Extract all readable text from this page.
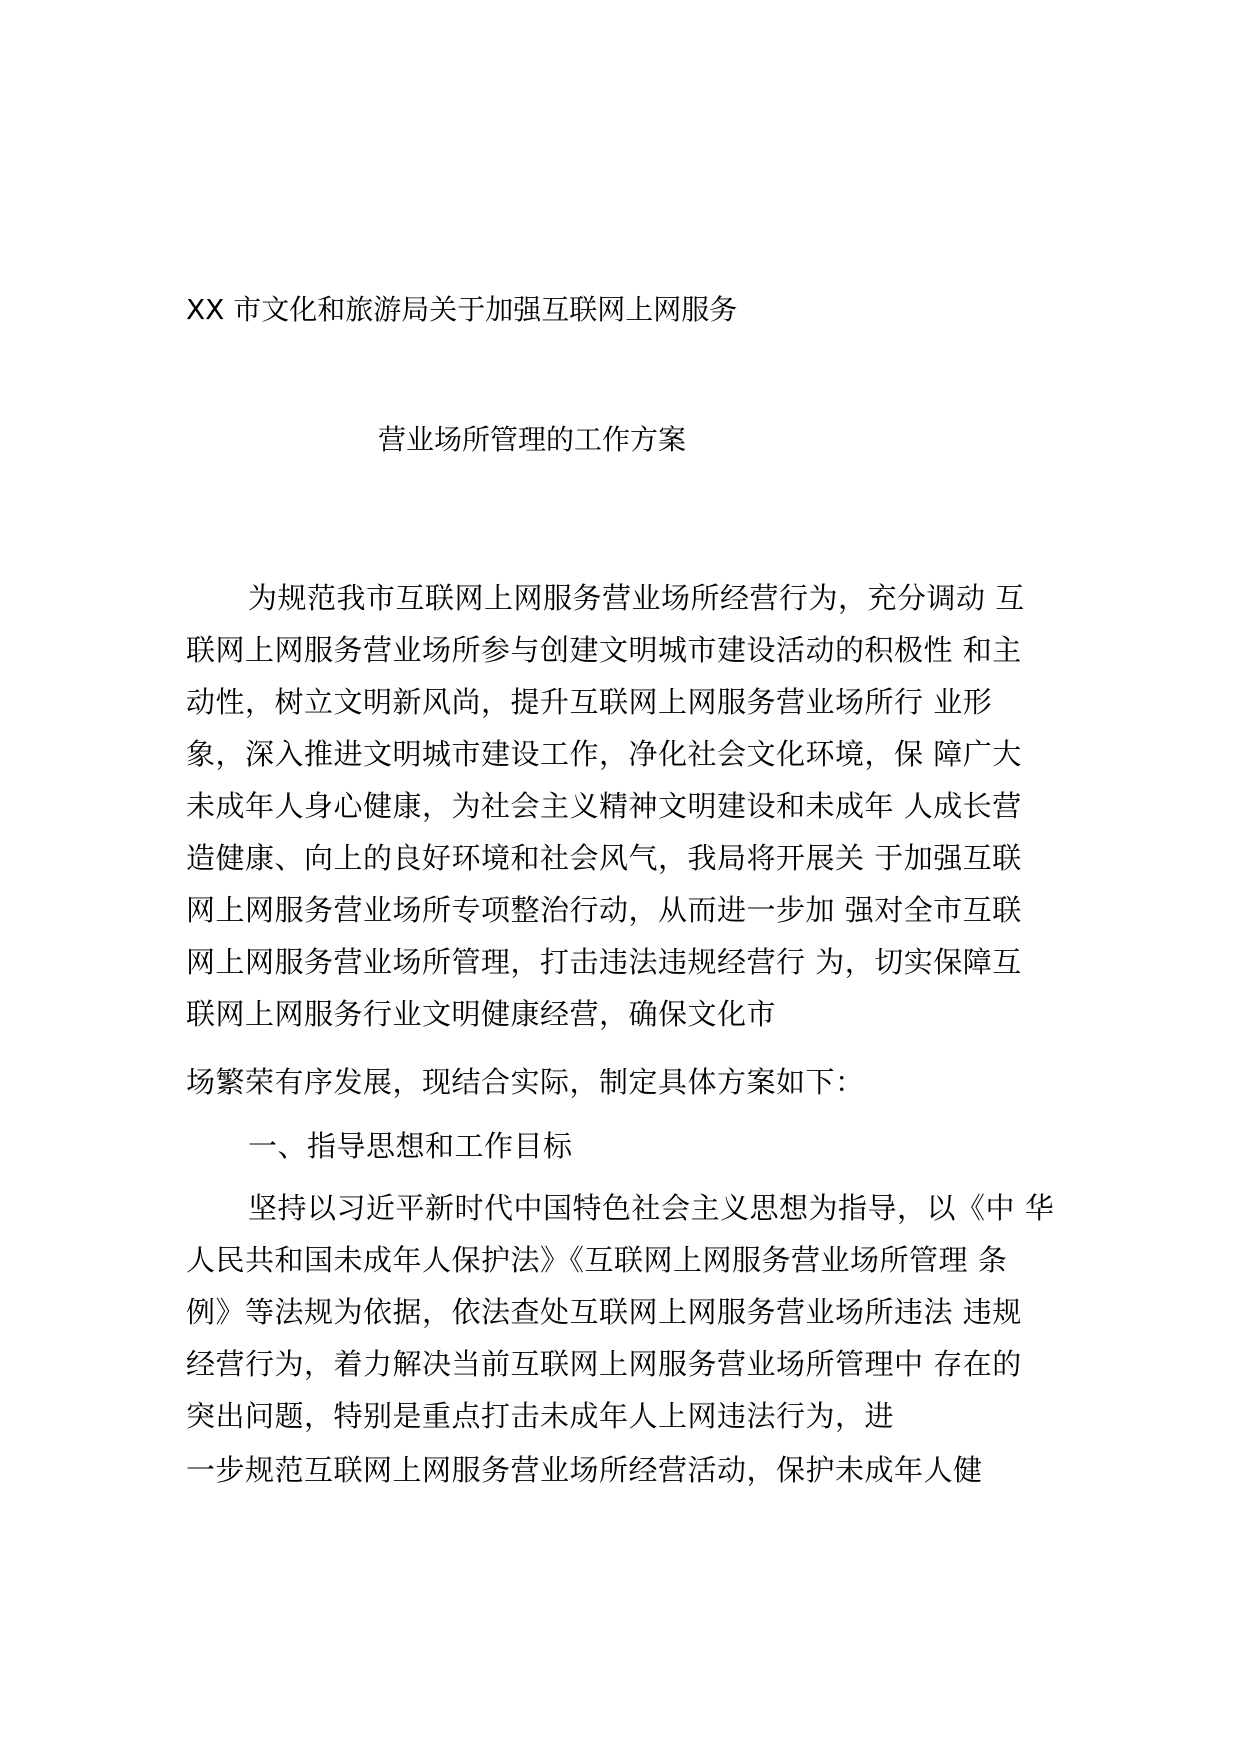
XX 市文化和旅游局关于加强互联网上网服务
营业场所管理的工作方案
为规范我市互联网上网服务营业场所经营行为，充分调动 互
联网上网服务营业场所参与创建文明城市建设活动的积极性 和主
动性，树立文明新风尚，提升互联网上网服务营业场所行 业形
象，深入推进文明城市建设工作，净化社会文化环境，保 障广大
未成年人身心健康，为社会主义精神文明建设和未成年 人成长营
造健康、向上的良好环境和社会风气，我局将开展关 于加强互联
网上网服务营业场所专项整治行动，从而进一步加 强对全市互联
网上网服务营业场所管理，打击违法违规经营行 为，切实保障互
联网上网服务行业文明健康经营，确保文化市
场繁荣有序发展，现结合实际，制定具体方案如下：
一、指导思想和工作目标
坚持以习近平新时代中国特色社会主义思想为指导，以《中 华
人民共和国未成年人保护法》《互联网上网服务营业场所管理 条
例》等法规为依据，依法查处互联网上网服务营业场所违法 违规
经营行为，着力解决当前互联网上网服务营业场所管理中 存在的
突出问题，特别是重点打击未成年人上网违法行为，进
一步规范互联网上网服务营业场所经营活动，保护未成年人健
